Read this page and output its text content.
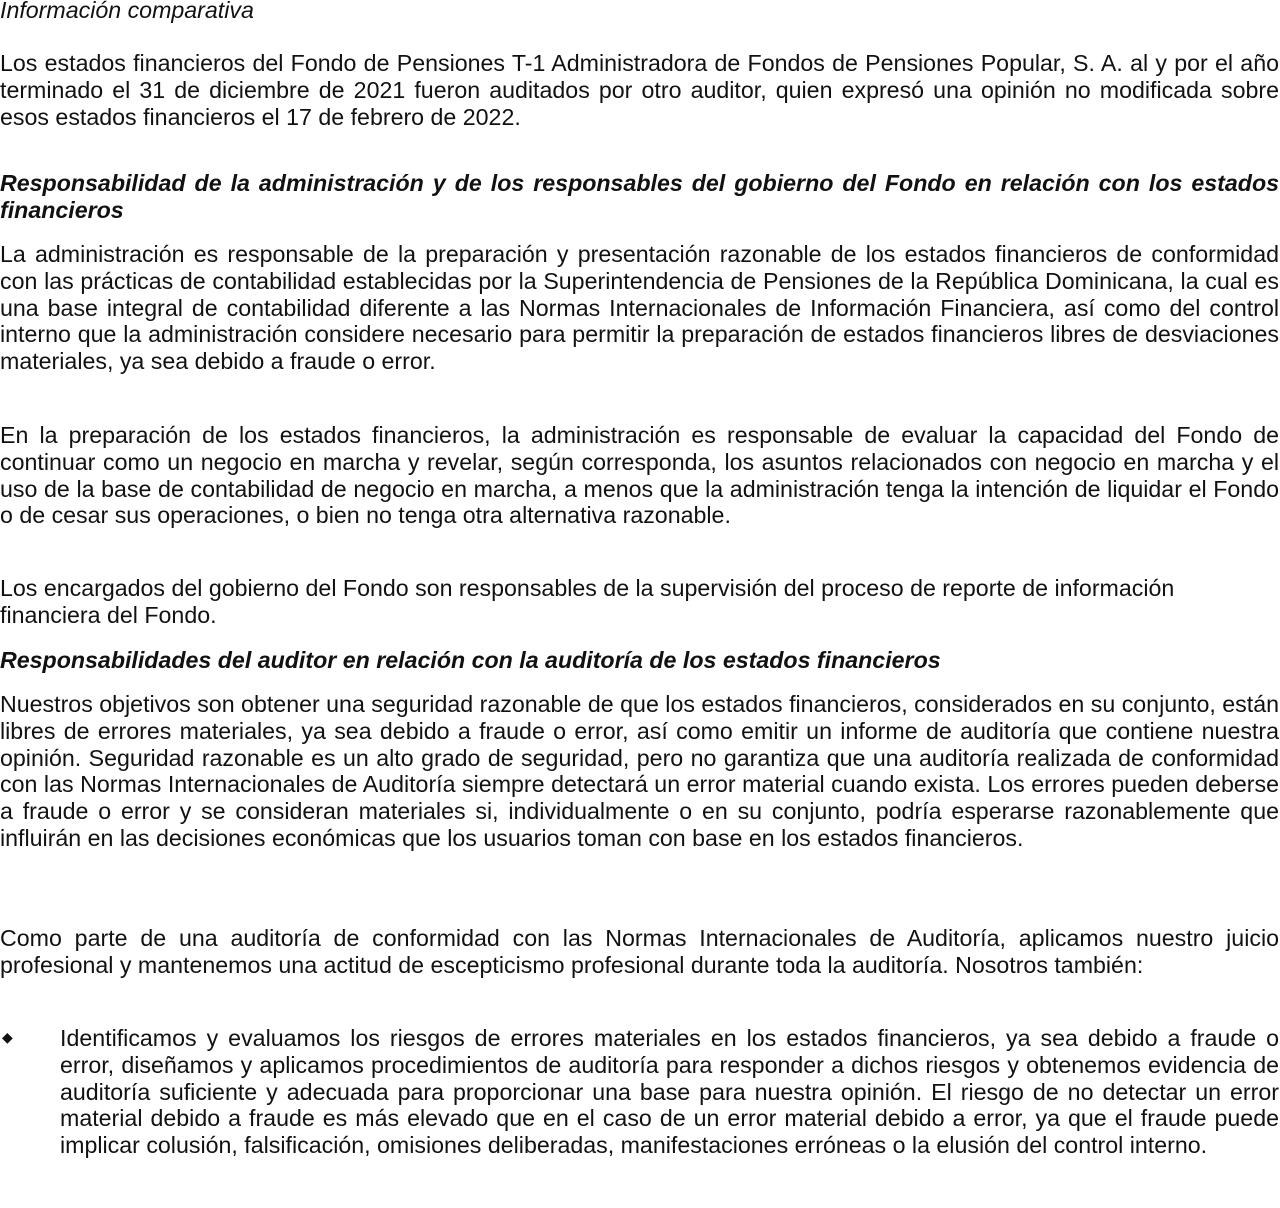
Información comparativa

Los estados financieros del Fondo de Pensiones T-1 Administradora de Fondos de Pensiones Popular, S. A. al y por el año terminado el 31 de diciembre de 2021 fueron auditados por otro auditor, quien expresó una opinión no modificada sobre esos estados financieros el 17 de febrero de 2022.

Responsabilidad de la administración y de los responsables del gobierno del Fondo en relación con los estados financieros

La administración es responsable de la preparación y presentación razonable de los estados financieros de conformidad con las prácticas de contabilidad establecidas por la Superintendencia de Pensiones de la República Dominicana, la cual es una base integral de contabilidad diferente a las Normas Internacionales de Información Financiera, así como del control interno que la administración considere necesario para permitir la preparación de estados financieros libres de desviaciones materiales, ya sea debido a fraude o error.

En la preparación de los estados financieros, la administración es responsable de evaluar la capacidad del Fondo de continuar como un negocio en marcha y revelar, según corresponda, los asuntos relacionados con negocio en marcha y el uso de la base de contabilidad de negocio en marcha, a menos que la administración tenga la intención de liquidar el Fondo o de cesar sus operaciones, o bien no tenga otra alternativa razonable.

Los encargados del gobierno del Fondo son responsables de la supervisión del proceso de reporte de información financiera del Fondo.

Responsabilidades del auditor en relación con la auditoría de los estados financieros

Nuestros objetivos son obtener una seguridad razonable de que los estados financieros, considerados en su conjunto, están libres de errores materiales, ya sea debido a fraude o error, así como emitir un informe de auditoría que contiene nuestra opinión. Seguridad razonable es un alto grado de seguridad, pero no garantiza que una auditoría realizada de conformidad con las Normas Internacionales de Auditoría siempre detectará un error material cuando exista. Los errores pueden deberse a fraude o error y se consideran materiales si, individualmente o en su conjunto, podría esperarse razonablemente que influirán en las decisiones económicas que los usuarios toman con base en los estados financieros.

Como parte de una auditoría de conformidad con las Normas Internacionales de Auditoría, aplicamos nuestro juicio profesional y mantenemos una actitud de escepticismo profesional durante toda la auditoría. Nosotros también:

◆ Identificamos y evaluamos los riesgos de errores materiales en los estados financieros, ya sea debido a fraude o error, diseñamos y aplicamos procedimientos de auditoría para responder a dichos riesgos y obtenemos evidencia de auditoría suficiente y adecuada para proporcionar una base para nuestra opinión. El riesgo de no detectar un error material debido a fraude es más elevado que en el caso de un error material debido a error, ya que el fraude puede implicar colusión, falsificación, omisiones deliberadas, manifestaciones erróneas o la elusión del control interno.
